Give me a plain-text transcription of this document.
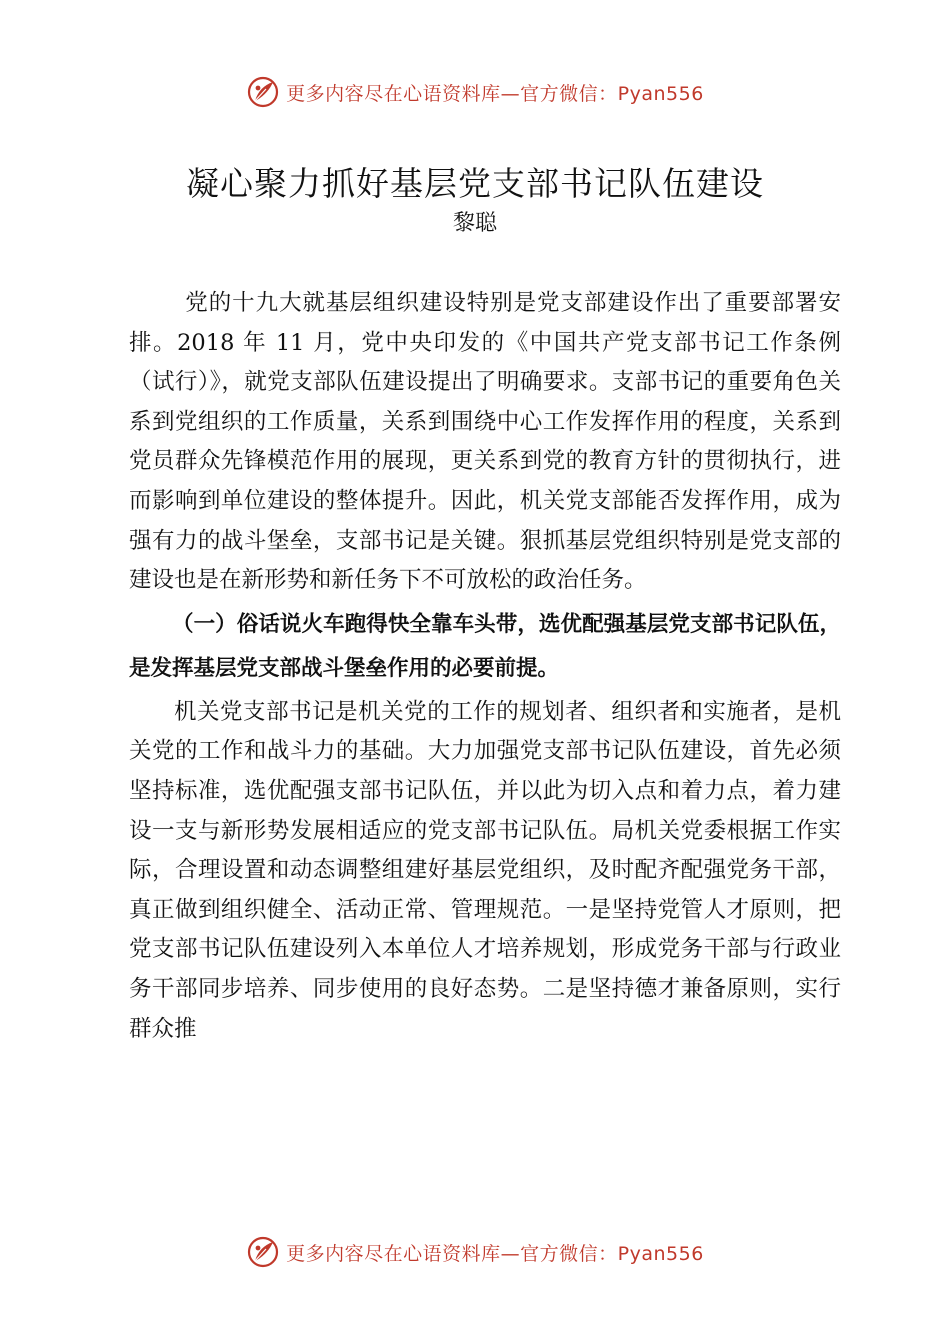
更多内容尽在心语资料库—官方微信：Pyan556
凝心聚力抓好基层党支部书记队伍建设
黎聪

党的十九大就基层组织建设特别是党支部建设作出了重要部署安排。2018 年 11 月，党中央印发的《中国共产党支部书记工作条例（试行）》，就党支部队伍建设提出了明确要求。支部书记的重要角色关系到党组织的工作质量，关系到围绕中心工作发挥作用的程度，关系到党员群众先锋模范作用的展现，更关系到党的教育方针的贯彻执行，进而影响到单位建设的整体提升。因此，机关党支部能否发挥作用，成为强有力的战斗堡垒，支部书记是关键。狠抓基层党组织特别是党支部的建设也是在新形势和新任务下不可放松的政治任务。

（一）俗话说火车跑得快全靠车头带，选优配强基层党支部书记队伍，是发挥基层党支部战斗堡垒作用的必要前提。

机关党支部书记是机关党的工作的规划者、组织者和实施者，是机关党的工作和战斗力的基础。大力加强党支部书记队伍建设，首先必须坚持标准，选优配强支部书记队伍，并以此为切入点和着力点，着力建设一支与新形势发展相适应的党支部书记队伍。局机关党委根据工作实际，合理设置和动态调整组建好基层党组织，及时配齐配强党务干部，真正做到组织健全、活动正常、管理规范。一是坚持党管人才原则，把党支部书记队伍建设列入本单位人才培养规划，形成党务干部与行政业务干部同步培养、同步使用的良好态势。二是坚持德才兼备原则，实行群众推

更多内容尽在心语资料库—官方微信：Pyan556
